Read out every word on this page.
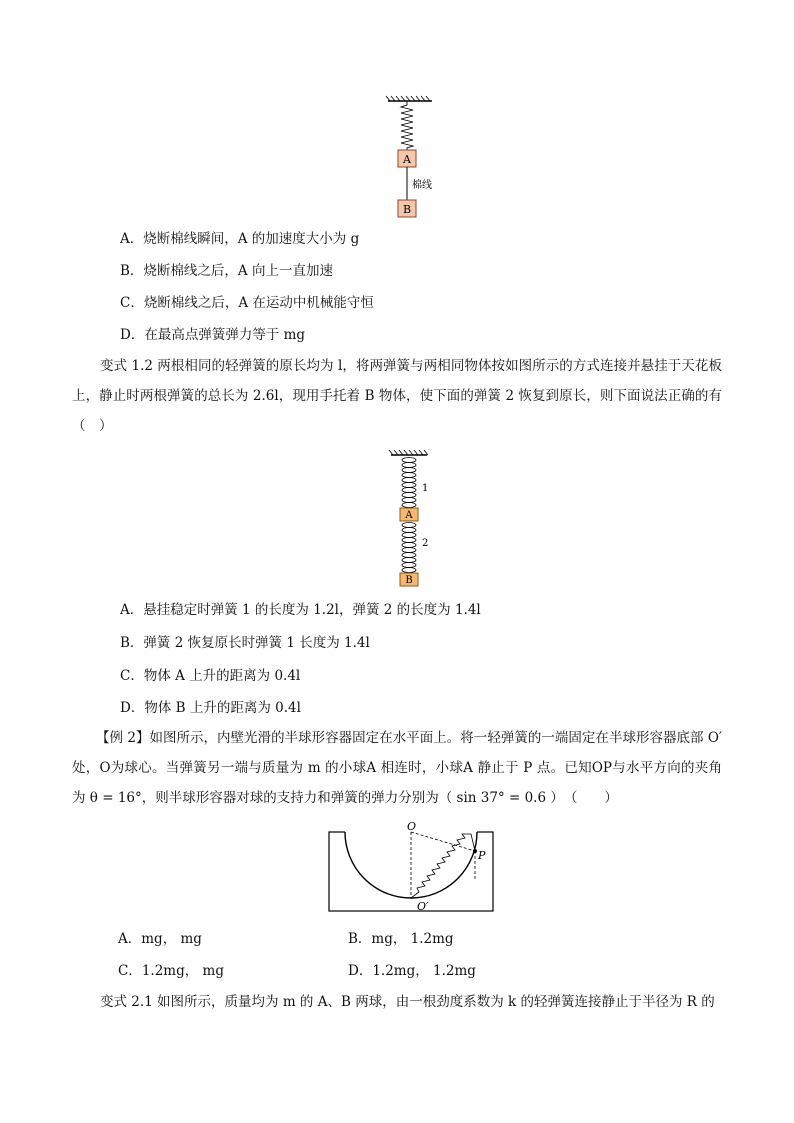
A
棉线
B
A．烧断棉线瞬间，A 的加速度大小为 g
B．烧断棉线之后，A 向上一直加速
C．烧断棉线之后，A 在运动中机械能守恒
D．在最高点弹簧弹力等于 mg
变式 1.2 两根相同的轻弹簧的原长均为 l，将两弹簧与两相同物体按如图所示的方式连接并悬挂于天花板上，静止时两根弹簧的总长为 2.6l，现用手托着 B 物体，使下面的弹簧 2 恢复到原长，则下面说法正确的有（　）
1
A
2
B
A．悬挂稳定时弹簧 1 的长度为 1.2l，弹簧 2 的长度为 1.4l
B．弹簧 2 恢复原长时弹簧 1 长度为 1.4l
C．物体 A 上升的距离为 0.4l
D．物体 B 上升的距离为 0.4l
【例 2】如图所示，内壁光滑的半球形容器固定在水平面上。将一轻弹簧的一端固定在半球形容器底部 O′处，O为球心。当弹簧另一端与质量为 m 的小球A 相连时，小球A 静止于 P 点。已知OP与水平方向的夹角为 θ = 16°，则半球形容器对球的支持力和弹簧的弹力分别为（ sin 37° = 0.6 ）　（　　）
O
P
O′
A．mg， mg	B．mg， 1.2mg
C．1.2mg， mg	D．1.2mg， 1.2mg
变式 2.1 如图所示，质量均为 m 的 A、B 两球，由一根劲度系数为 k 的轻弹簧连接静止于半径为 R 的
